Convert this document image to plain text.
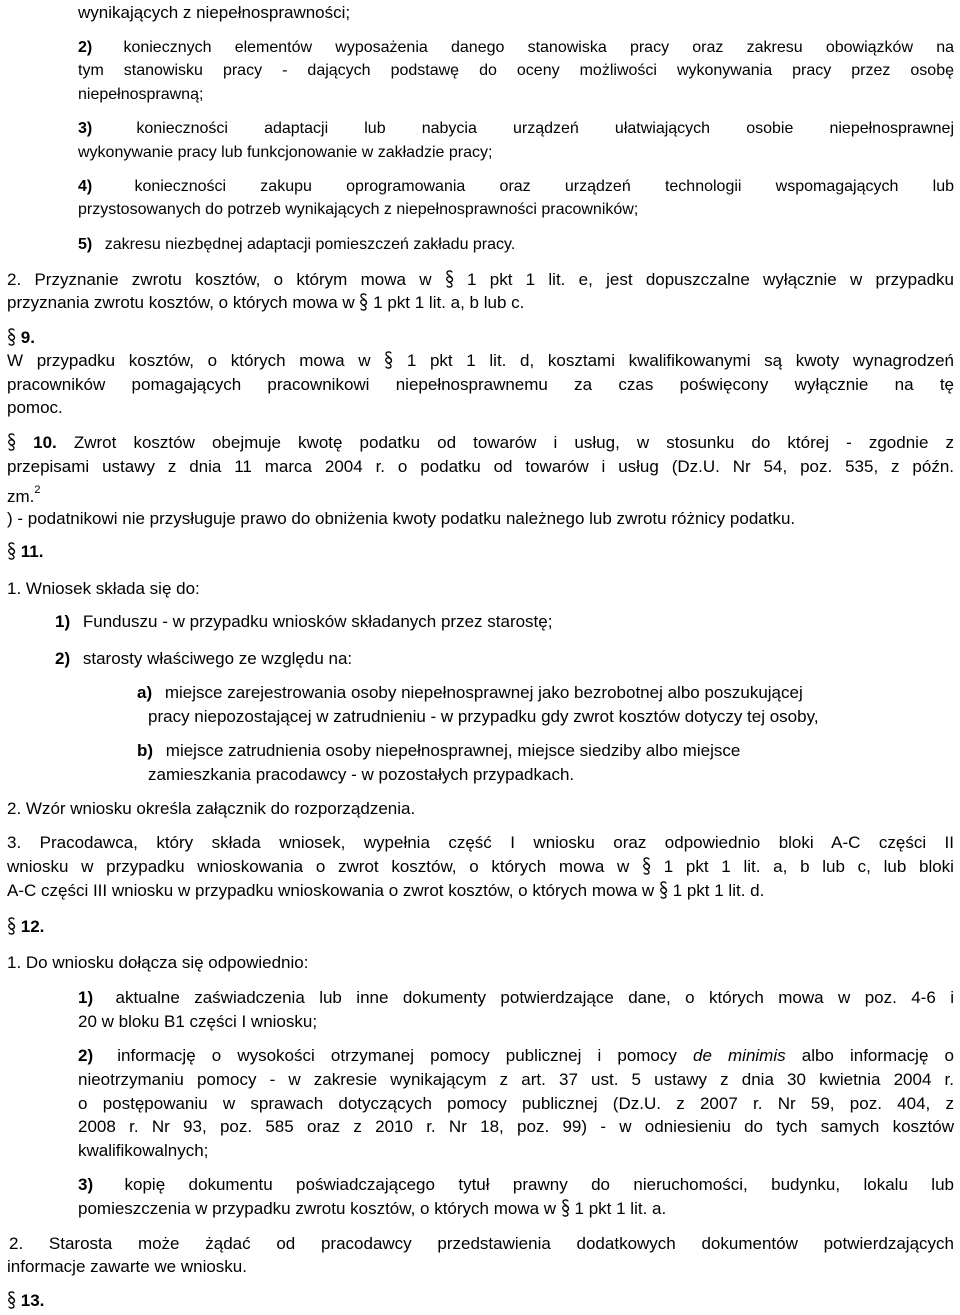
wynikających z niepełnosprawności;

2) koniecznych elementów wyposażenia danego stanowiska pracy oraz zakresu obowiązków na

tym stanowisku pracy - dających podstawę do oceny możliwości wykonywania pracy przez osobę

niepełnosprawną;

3)	konieczności adaptacji lub nabycia urządzeń ułatwiających osobie niepełnosprawnej

wykonywanie pracy lub funkcjonowanie w zakładzie pracy;

4)	konieczności zakupu oprogramowania oraz urządzeń technologii wspomagających lub

przystosowanych do potrzeb wynikających z niepełnosprawności pracowników;

5) zakresu niezbędnej adaptacji pomieszczeń zakładu pracy.

2. Przyznanie zwrotu kosztów, o którym mowa w 1 pkt 1 lit. e, jest dopuszczalne wyłącznie w przypadku

przyznania zwrotu kosztów, o których mowa w 1 pkt 1 lit. a, b lub c.

9.

W przypadku kosztów, o których mowa w 1 pkt 1 lit. d, kosztami kwalifikowanymi są kwoty wynagrodzeń

pracowników pomagających pracownikowi niepełnosprawnemu za czas poświęcony wyłącznie na tę

pomoc.

10. Zwrot kosztów obejmuje kwotę podatku od towarów i usług, w stosunku do której - zgodnie z

przepisami ustawy z dnia 11 marca 2004 r. o podatku od towarów i usług (Dz.U. Nr 54, poz. 535, z późn.

zm.$^2$

) - podatnikowi nie przysługuje prawo do obniżenia kwoty podatku należnego lub zwrotu różnicy podatku.

11.

1. Wniosek składa się do:

1) Funduszu - w przypadku wniosków składanych przez starostę;

2) starosty właściwego ze względu na:

a) miejsce zarejestrowania osoby niepełnosprawnej jako bezrobotnej albo poszukującej

pracy niepozostającej w zatrudnieniu - w przypadku gdy zwrot kosztów dotyczy tej osoby,

b) miejsce zatrudnienia osoby niepełnosprawnej, miejsce siedziby albo miejsce

zamieszkania pracodawcy - w pozostałych przypadkach.

2. Wzór wniosku określa załącznik do rozporządzenia.

3. Pracodawca, który składa wniosek, wypełnia część I wniosku oraz odpowiednio bloki A-C części II

wniosku w przypadku wnioskowania o zwrot kosztów, o których mowa w 1 pkt 1 lit. a, b lub c, lub bloki

A-C części III wniosku w przypadku wnioskowania o zwrot kosztów, o których mowa w 1 pkt 1 lit. d.

12.

1. Do wniosku dołącza się odpowiednio:

1) aktualne zaświadczenia lub inne dokumenty potwierdzające dane, o których mowa w poz. 4-6 i

20 w bloku B1 części I wniosku;

2) informację o wysokości otrzymanej pomocy publicznej i pomocy de minimis albo informację o

nieotrzymaniu pomocy - w zakresie wynikającym z art. 37 ust. 5 ustawy z dnia 30 kwietnia 2004 r.

o postępowaniu w sprawach dotyczących pomocy publicznej (Dz.U. z 2007 r. Nr 59, poz. 404, z

2008 r. Nr 93, poz. 585 oraz z 2010 r. Nr 18, poz. 99) - w odniesieniu do tych samych kosztów

kwalifikowalnych;

3) kopię dokumentu poświadczającego tytuł prawny do nieruchomości, budynku, lokalu lub

pomieszczenia w przypadku zwrotu kosztów, o których mowa w 1 pkt 1 lit. a.

2. Starosta może żądać od pracodawcy przedstawienia dodatkowych dokumentów potwierdzających

informacje zawarte we wniosku.

13.
